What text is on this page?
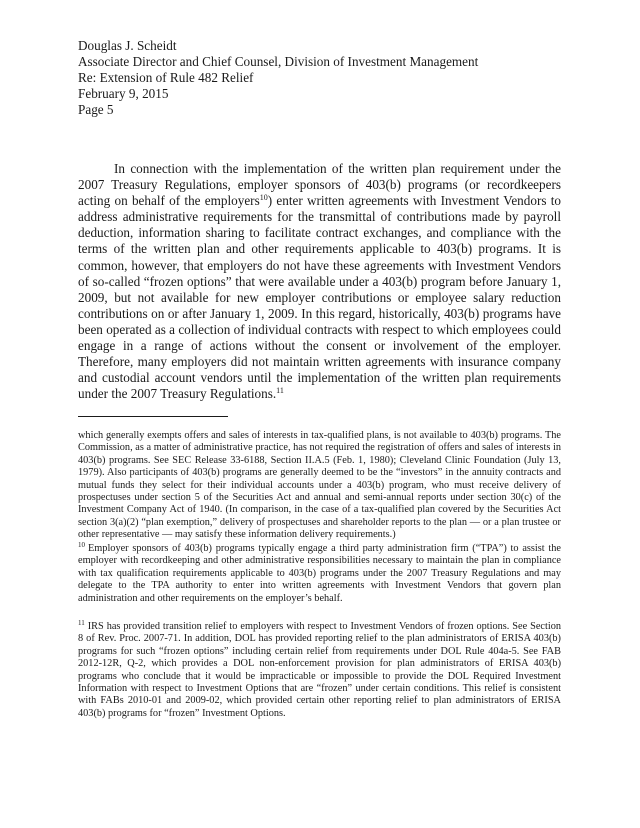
Douglas J. Scheidt
Associate Director and Chief Counsel, Division of Investment Management
Re: Extension of Rule 482 Relief
February 9, 2015
Page 5

In connection with the implementation of the written plan requirement under the 2007 Treasury Regulations, employer sponsors of 403(b) programs (or recordkeepers acting on behalf of the employers$^{10}$) enter written agreements with Investment Vendors to address administrative requirements for the transmittal of contributions made by payroll deduction, information sharing to facilitate contract exchanges, and compliance with the terms of the written plan and other requirements applicable to 403(b) programs. It is common, however, that employers do not have these agreements with Investment Vendors of so-called “frozen options” that were available under a 403(b) program before January 1, 2009, but not available for new employer contributions or employee salary reduction contributions on or after January 1, 2009. In this regard, historically, 403(b) programs have been operated as a collection of individual contracts with respect to which employees could engage in a range of actions without the consent or involvement of the employer. Therefore, many employers did not maintain written agreements with insurance company and custodial account vendors until the implementation of the written plan requirements under the 2007 Treasury Regulations.$^{11}$

which generally exempts offers and sales of interests in tax-qualified plans, is not available to 403(b) programs. The Commission, as a matter of administrative practice, has not required the registration of offers and sales of interests in 403(b) programs. See SEC Release 33-6188, Section II.A.5 (Feb. 1, 1980); Cleveland Clinic Foundation (July 13, 1979). Also participants of 403(b) programs are generally deemed to be the “investors” in the annuity contracts and mutual funds they select for their individual accounts under a 403(b) program, who must receive delivery of prospectuses under section 5 of the Securities Act and annual and semi-annual reports under section 30(c) of the Investment Company Act of 1940. (In comparison, in the case of a tax-qualified plan covered by the Securities Act section 3(a)(2) “plan exemption,” delivery of prospectuses and shareholder reports to the plan — or a plan trustee or other representative — may satisfy these information delivery requirements.)

$^{10}$ Employer sponsors of 403(b) programs typically engage a third party administration firm (“TPA”) to assist the employer with recordkeeping and other administrative responsibilities necessary to maintain the plan in compliance with tax qualification requirements applicable to 403(b) programs under the 2007 Treasury Regulations and may delegate to the TPA authority to enter into written agreements with Investment Vendors that govern plan administration and other requirements on the employer’s behalf.

$^{11}$ IRS has provided transition relief to employers with respect to Investment Vendors of frozen options. See Section 8 of Rev. Proc. 2007-71. In addition, DOL has provided reporting relief to the plan administrators of ERISA 403(b) programs for such “frozen options” including certain relief from requirements under DOL Rule 404a-5. See FAB 2012-12R, Q-2, which provides a DOL non-enforcement provision for plan administrators of ERISA 403(b) programs who conclude that it would be impracticable or impossible to provide the DOL Required Investment Information with respect to Investment Options that are “frozen” under certain conditions. This relief is consistent with FABs 2010-01 and 2009-02, which provided certain other reporting relief to plan administrators of ERISA 403(b) programs for “frozen” Investment Options.
